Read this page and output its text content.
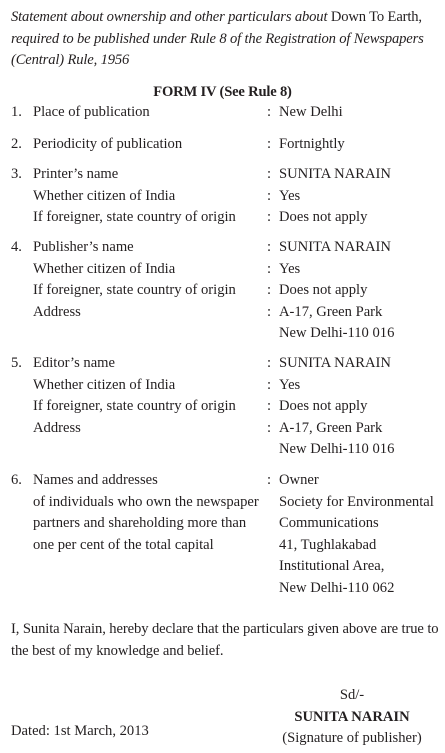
Statement about ownership and other particulars about Down To Earth, required to be published under Rule 8 of the Registration of Newspapers (Central) Rule, 1956
FORM IV (See Rule 8)
1. Place of publication	: New Delhi
2. Periodicity of publication	: Fortnightly
3. Printer’s name
Whether citizen of India
If foreigner, state country of origin
:
:
:
SUNITA NARAIN
Yes
Does not apply
4. Publisher’s name
Whether citizen of India
If foreigner, state country of origin
Address
:
:
:
:
SUNITA NARAIN
Yes
Does not apply
A-17, Green Park
New Delhi-110 016
5. Editor’s name
Whether citizen of India
If foreigner, state country of origin
Address
:
:
:
:
SUNITA NARAIN
Yes
Does not apply
A-17, Green Park
New Delhi-110 016
6. Names and addresses
of individuals who own the newspaper
partners and shareholding more than
one per cent of the total capital
: Owner
Society for Environmental
Communications
41, Tughlakabad
Institutional Area,
New Delhi-110 062
I, Sunita Narain, hereby declare that the particulars given above are true to the best of my knowledge and belief.
Sd/-
SUNITA NARAIN
(Signature of publisher)
Dated: 1st March, 2013
